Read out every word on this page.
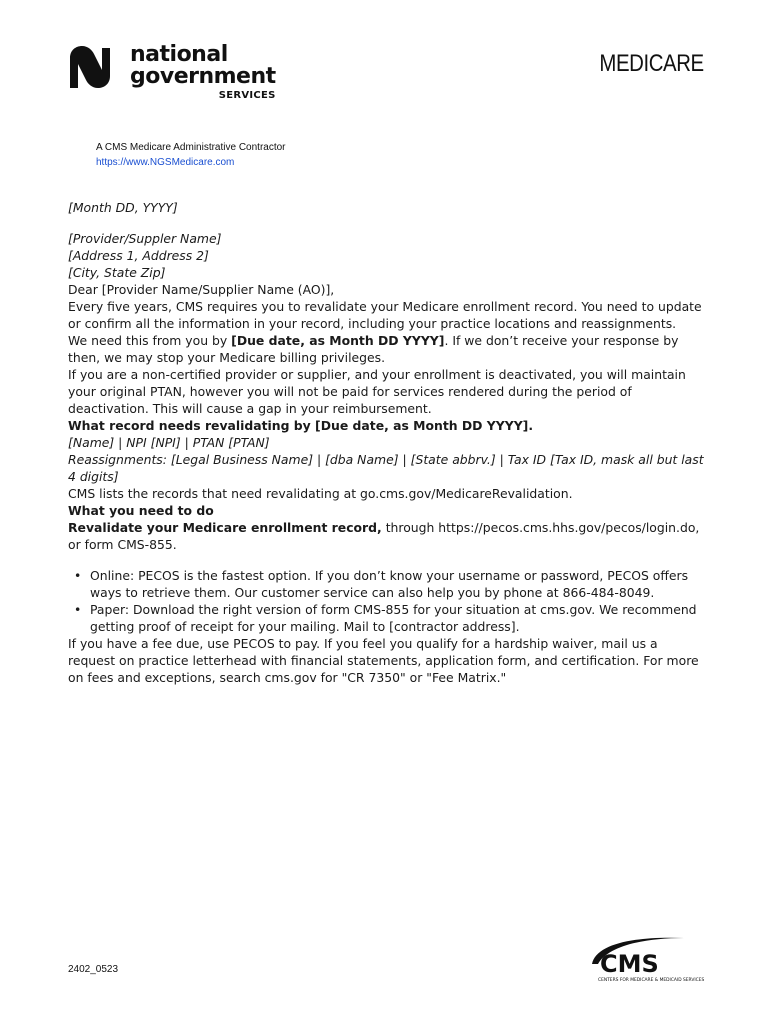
national
government
SERVICES
MEDICARE
A CMS Medicare Administrative Contractor
https://www.NGSMedicare.com

[Month DD, YYYY]

[Provider/Suppler Name]

[Address 1, Address 2]

[City, State Zip]

Dear [Provider Name/Supplier Name (AO)],

Every five years, CMS requires you to revalidate your Medicare enrollment record. You need to update or confirm all the information in your record, including your practice locations and reassignments.

We need this from you by [Due date, as Month DD YYYY]. If we don’t receive your response by then, we may stop your Medicare billing privileges.

If you are a non-certified provider or supplier, and your enrollment is deactivated, you will maintain your original PTAN, however you will not be paid for services rendered during the period of deactivation. This will cause a gap in your reimbursement.

What record needs revalidating by [Due date, as Month DD YYYY].

[Name] | NPI [NPI] | PTAN [PTAN]

Reassignments: [Legal Business Name] | [dba Name] | [State abbrv.] | Tax ID [Tax ID, mask all but last 4 digits]

CMS lists the records that need revalidating at go.cms.gov/MedicareRevalidation.

What you need to do

Revalidate your Medicare enrollment record, through https://pecos.cms.hhs.gov/pecos/login.do, or form CMS-855.

• Online: PECOS is the fastest option. If you don’t know your username or password, PECOS offers ways to retrieve them. Our customer service can also help you by phone at 866-484-8049.
• Paper: Download the right version of form CMS-855 for your situation at cms.gov. We recommend getting proof of receipt for your mailing. Mail to [contractor address].

If you have a fee due, use PECOS to pay. If you feel you qualify for a hardship waiver, mail us a request on practice letterhead with financial statements, application form, and certification. For more on fees and exceptions, search cms.gov for "CR 7350" or "Fee Matrix."

2402_0523	CMS
CENTERS FOR MEDICARE & MEDICAID SERVICES
